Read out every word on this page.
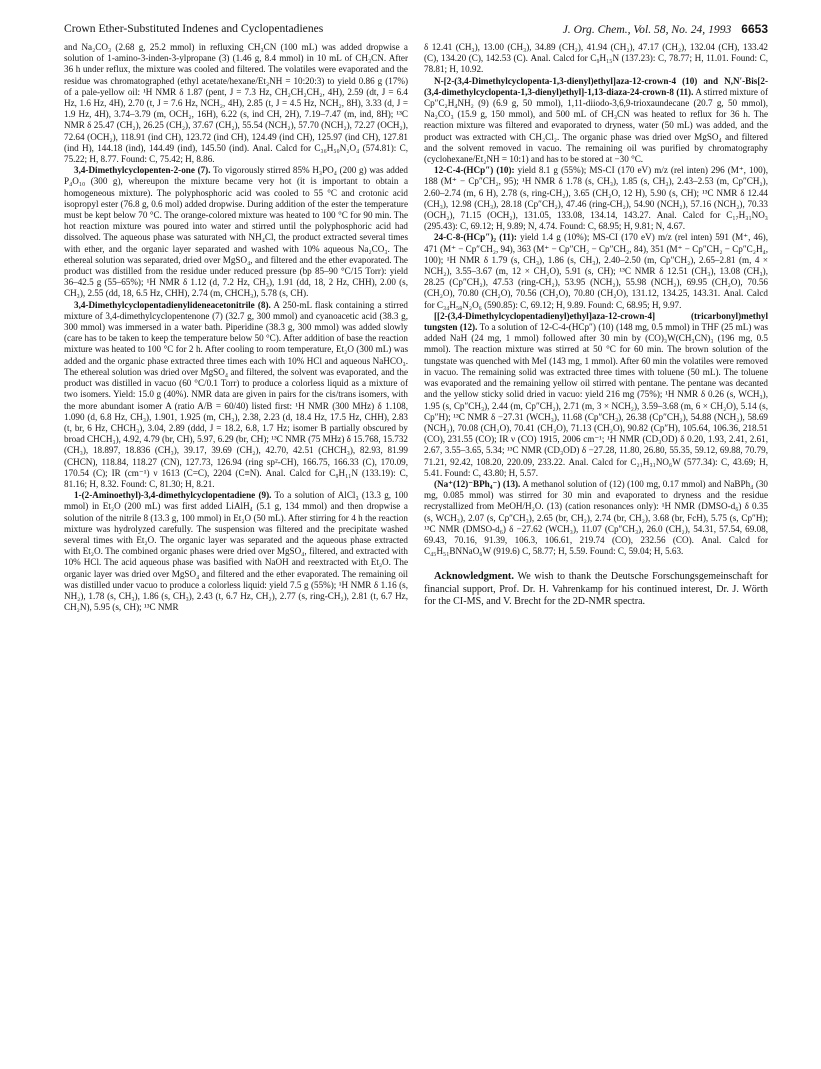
Crown Ether-Substituted Indenes and Cyclopentadienes	J. Org. Chem., Vol. 58, No. 24, 1993 6653

and Na₂CO₃ (2.68 g, 25.2 mmol) in refluxing CH₃CN (100 mL) was added dropwise a solution of 1-amino-3-inden-3-ylpropane (3) (1.46 g, 8.4 mmol) in 10 mL of CH₃CN. After 36 h under reflux, the mixture was cooled and filtered. The volatiles were evaporated and the residue was chromatographed (ethyl acetate/hexane/Et₂NH = 10:20:3) to yield 0.86 g (17%) of a pale-yellow oil: ¹H NMR δ 1.87 (pent, J = 7.3 Hz, CH₂CH₂CH₂, 4H), 2.59 (dt, J = 6.4 Hz, 1.6 Hz, 4H), 2.70 (t, J = 7.6 Hz, NCH₂, 4H), 2.85 (t, J = 4.5 Hz, NCH₂, 8H), 3.33 (d, J = 1.9 Hz, 4H), 3.74–3.79 (m, OCH₂, 16H), 6.22 (s, ind CH, 2H), 7.19–7.47 (m, ind, 8H); ¹³C NMR δ 25.47 (CH₂), 26.25 (CH₂), 37.67 (CH₂), 55.54 (NCH₂), 57.70 (NCH₂), 72.27 (OCH₂), 72.64 (OCH₂), 118.91 (ind CH), 123.72 (ind CH), 124.49 (ind CH), 125.97 (ind CH), 127.81 (ind H), 144.18 (ind), 144.49 (ind), 145.50 (ind). Anal. Calcd for C₃₆H₅₀N₂O₄ (574.81): C, 75.22; H, 8.77. Found: C, 75.42; H, 8.86.

3,4-Dimethylcyclopenten-2-one (7). To vigorously stirred 85% H₃PO₄ (200 g) was added P₄O₁₀ (300 g), whereupon the mixture became very hot (it is important to obtain a homogeneous mixture). The polyphosphoric acid was cooled to 55 °C and crotonic acid isopropyl ester (76.8 g, 0.6 mol) added dropwise. During addition of the ester the temperature must be kept below 70 °C. The orange-colored mixture was heated to 100 °C for 90 min. The hot reaction mixture was poured into water and stirred until the polyphosphoric acid had dissolved. The aqueous phase was saturated with NH₄Cl, the product extracted several times with ether, and the organic layer separated and washed with 10% aqueous Na₂CO₃. The ethereal solution was separated, dried over MgSO₄, and filtered and the ether evaporated. The product was distilled from the residue under reduced pressure (bp 85–90 °C/15 Torr): yield 36–42.5 g (55–65%); ¹H NMR δ 1.12 (d, 7.2 Hz, CH₃), 1.91 (dd, 18, 2 Hz, CHH), 2.00 (s, CH₃), 2.55 (dd, 18, 6.5 Hz, CHH), 2.74 (m, CHCH₃), 5.78 (s, CH).

3,4-Dimethylcyclopentadienylideneacetonitrile (8). A 250-mL flask containing a stirred mixture of 3,4-dimethylcyclopentenone (7) (32.7 g, 300 mmol) and cyanoacetic acid (38.3 g, 300 mmol) was immersed in a water bath. Piperidine (38.3 g, 300 mmol) was added slowly (care has to be taken to keep the temperature below 50 °C). After addition of base the reaction mixture was heated to 100 °C for 2 h. After cooling to room temperature, Et₂O (300 mL) was added and the organic phase extracted three times each with 10% HCl and aqueous NaHCO₃. The ethereal solution was dried over MgSO₄ and filtered, the solvent was evaporated, and the product was distilled in vacuo (60 °C/0.1 Torr) to produce a colorless liquid as a mixture of two isomers. Yield: 15.0 g (40%). NMR data are given in pairs for the cis/trans isomers, with the more abundant isomer A (ratio A/B = 60/40) listed first: ¹H NMR (300 MHz) δ 1.108, 1.090 (d, 6.8 Hz, CH₃), 1.901, 1.925 (m, CH₃), 2.38, 2.23 (d, 18.4 Hz, 17.5 Hz, CHH), 2.83 (t, br, 6 Hz, CHCH₃), 3.04, 2.89 (ddd, J = 18.2, 6.8, 1.7 Hz; isomer B partially obscured by broad CHCH₃), 4.92, 4.79 (br, CH), 5.97, 6.29 (br, CH); ¹³C NMR (75 MHz) δ 15.768, 15.732 (CH₃), 18.897, 18.836 (CH₃), 39.17, 39.69 (CH₂), 42.70, 42.51 (CHCH₃), 82.93, 81.99 (CHCN), 118.84, 118.27 (CN), 127.73, 126.94 (ring sp²-CH), 166.75, 166.33 (C), 170.09, 170.54 (C); IR (cm⁻¹) ν 1613 (C=C), 2204 (C≡N). Anal. Calcd for C₉H₁₁N (133.19): C, 81.16; H, 8.32. Found: C, 81.30; H, 8.21.

1-(2-Aminoethyl)-3,4-dimethylcyclopentadiene (9). To a solution of AlCl₃ (13.3 g, 100 mmol) in Et₂O (200 mL) was first added LiAlH₄ (5.1 g, 134 mmol) and then dropwise a solution of the nitrile 8 (13.3 g, 100 mmol) in Et₂O (50 mL). After stirring for 4 h the reaction mixture was hydrolyzed carefully. The suspension was filtered and the precipitate washed several times with Et₂O. The organic layer was separated and the aqueous phase extracted with Et₂O. The combined organic phases were dried over MgSO₄, filtered, and extracted with 10% HCl. The acid aqueous phase was basified with NaOH and reextracted with Et₂O. The organic layer was dried over MgSO₄ and filtered and the ether evaporated. The remaining oil was distilled under vacuo to produce a colorless liquid: yield 7.5 g (55%); ¹H NMR δ 1.16 (s, NH₂), 1.78 (s, CH₃), 1.86 (s, CH₃), 2.43 (t, 6.7 Hz, CH₂), 2.77 (s, ring-CH₂), 2.81 (t, 6.7 Hz, CH₂N), 5.95 (s, CH); ¹³C NMR

δ 12.41 (CH₃), 13.00 (CH₃), 34.89 (CH₂), 41.94 (CH₂), 47.17 (CH₂), 132.04 (CH), 133.42 (C), 134.20 (C), 142.53 (C). Anal. Calcd for C₉H₁₅N (137.23): C, 78.77; H, 11.01. Found: C, 78.81; H, 10.92.

N-[2-(3,4-Dimethylcyclopenta-1,3-dienyl)ethyl]aza-12-crown-4 (10) and N,N′-Bis[2-(3,4-dimethylcyclopenta-1,3-dienyl)ethyl]-1,13-diaza-24-crown-8 (11). A stirred mixture of Cp″C₂H₄NH₂ (9) (6.9 g, 50 mmol), 1,11-diiodo-3,6,9-trioxaundecane (20.7 g, 50 mmol), Na₂CO₃ (15.9 g, 150 mmol), and 500 mL of CH₃CN was heated to reflux for 36 h. The reaction mixture was filtered and evaporated to dryness, water (50 mL) was added, and the product was extracted with CH₂Cl₂. The organic phase was dried over MgSO₄ and filtered and the solvent removed in vacuo. The remaining oil was purified by chromatography (cyclohexane/Et₂NH = 10:1) and has to be stored at −30 °C.

12-C-4-(HCp″) (10): yield 8.1 g (55%); MS-CI (170 eV) m/z (rel inten) 296 (M⁺, 100), 188 (M⁺ − Cp″CH₂, 95); ¹H NMR δ 1.78 (s, CH₃), 1.85 (s, CH₃), 2.43–2.53 (m, Cp″CH₂), 2.60–2.74 (m, 6 H), 2.78 (s, ring-CH₂), 3.65 (CH₂O, 12 H), 5.90 (s, CH); ¹³C NMR δ 12.44 (CH₃), 12.98 (CH₃), 28.18 (Cp″CH₂), 47.46 (ring-CH₂), 54.90 (NCH₂), 57.16 (NCH₂), 70.33 (OCH₂), 71.15 (OCH₂), 131.05, 133.08, 134.14, 143.27. Anal. Calcd for C₁₇H₃₁NO₃ (295.43): C, 69.12; H, 9.89; N, 4.74. Found: C, 68.95; H, 9.81; N, 4.67.

24-C-8-(HCp″)₂ (11): yield 1.4 g (10%); MS-CI (170 eV) m/z (rel inten) 591 (M⁺, 46), 471 (M⁺ − Cp″CH₂, 94), 363 (M⁺ − Cp″CH₂ − Cp″CH₂, 84), 351 (M⁺ − Cp″CH₂ − Cp″C₂H₄, 100); ¹H NMR δ 1.79 (s, CH₃), 1.86 (s, CH₃), 2.40–2.50 (m, Cp″CH₂), 2.65–2.81 (m, 4 × NCH₂), 3.55–3.67 (m, 12 × CH₂O), 5.91 (s, CH); ¹³C NMR δ 12.51 (CH₃), 13.08 (CH₃), 28.25 (Cp″CH₂), 47.53 (ring-CH₂), 53.95 (NCH₂), 55.98 (NCH₂), 69.95 (CH₂O), 70.56 (CH₂O), 70.80 (CH₂O), 70.56 (CH₂O), 70.80 (CH₂O), 131.12, 134.25, 143.31. Anal. Calcd for C₃₄H₅₈N₂O₆ (590.85): C, 69.12; H, 9.89. Found: C, 68.95; H, 9.97.

[[2-(3,4-Dimethylcyclopentadienyl)ethyl]aza-12-crown-4] (tricarbonyl)methyl tungsten (12). To a solution of 12-C-4-(HCp″) (10) (148 mg, 0.5 mmol) in THF (25 mL) was added NaH (24 mg, 1 mmol) followed after 30 min by (CO)₃W(CH₃CN)₃ (196 mg, 0.5 mmol). The reaction mixture was stirred at 50 °C for 60 min. The brown solution of the tungstate was quenched with MeI (143 mg, 1 mmol). After 60 min the volatiles were removed in vacuo. The remaining solid was extracted three times with toluene (50 mL). The toluene was evaporated and the remaining yellow oil stirred with pentane. The pentane was decanted and the yellow sticky solid dried in vacuo: yield 216 mg (75%); ¹H NMR δ 0.26 (s, WCH₃), 1.95 (s, Cp″CH₃), 2.44 (m, Cp″CH₂), 2.71 (m, 3 × NCH₂), 3.59–3.68 (m, 6 × CH₂O), 5.14 (s, Cp″H); ¹³C NMR δ −27.31 (WCH₃), 11.68 (Cp″CH₃), 26.38 (Cp″CH₂), 54.88 (NCH₂), 58.69 (NCH₂), 70.08 (CH₂O), 70.41 (CH₂O), 71.13 (CH₂O), 90.82 (Cp″H), 105.64, 106.36, 218.51 (CO), 231.55 (CO); IR ν (CO) 1915, 2006 cm⁻¹; ¹H NMR (CD₃OD) δ 0.20, 1.93, 2.41, 2.61, 2.67, 3.55–3.65, 5.34; ¹³C NMR (CD₃OD) δ −27.28, 11.80, 26.80, 55.35, 59.12, 69.88, 70.79, 71.21, 92.42, 108.20, 220.09, 233.22. Anal. Calcd for C₂₁H₃₁NO₆W (577.34): C, 43.69; H, 5.41. Found: C, 43.80; H, 5.57.

(Na⁺(12)⁻BPh₄⁻) (13). A methanol solution of (12) (100 mg, 0.17 mmol) and NaBPh₄ (30 mg, 0.085 mmol) was stirred for 30 min and evaporated to dryness and the residue recrystallized from MeOH/H₂O. (13) (cation resonances only): ¹H NMR (DMSO-d₆) δ 0.35 (s, WCH₃), 2.07 (s, Cp″CH₃), 2.65 (br, CH₂), 2.74 (br, CH₂), 3.68 (br, FcH), 5.75 (s, Cp″H); ¹³C NMR (DMSO-d₆) δ −27.62 (WCH₃), 11.07 (Cp″CH₃), 26.0 (CH₂), 54.31, 57.54, 69.08, 69.43, 70.16, 91.39, 106.3, 106.61, 219.74 (CO), 232.56 (CO). Anal. Calcd for C₄₅H₅₁BNNaO₆W (919.6) C, 58.77; H, 5.59. Found: C, 59.04; H, 5.63.

Acknowledgment. We wish to thank the Deutsche Forschungsgemeinschaft for financial support, Prof. Dr. H. Vahrenkamp for his continued interest, Dr. J. Wörth for the CI-MS, and V. Brecht for the 2D-NMR spectra.
